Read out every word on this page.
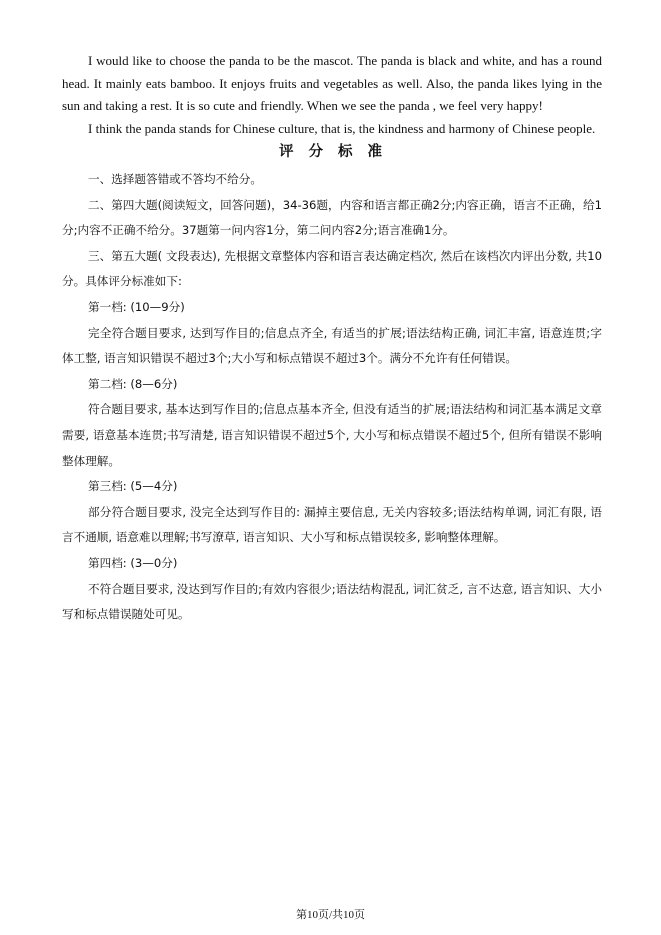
I would like to choose the panda to be the mascot. The panda is black and white, and has a round head. It mainly eats bamboo. It enjoys fruits and vegetables as well. Also, the panda likes lying in the sun and taking a rest. It is so cute and friendly. When we see the panda , we feel very happy!

I think the panda stands for Chinese culture, that is, the kindness and harmony of Chinese people.

评分标准

一、选择题答错或不答均不给分。

二、第四大题(阅读短文，回答问题)，34-36题，内容和语言都正确2分;内容正确，语言不正确，给1分;内容不正确不给分。37题第一问内容1分，第二问内容2分;语言准确1分。

三、第五大题( 文段表达), 先根据文章整体内容和语言表达确定档次, 然后在该档次内评出分数, 共10分。具体评分标准如下:

第一档: (10—9分)

完全符合题目要求, 达到写作目的;信息点齐全, 有适当的扩展;语法结构正确, 词汇丰富, 语意连贯;字体工整, 语言知识错误不超过3个;大小写和标点错误不超过3个。满分不允许有任何错误。

第二档: (8—6分)

符合题目要求, 基本达到写作目的;信息点基本齐全, 但没有适当的扩展;语法结构和词汇基本满足文章需要, 语意基本连贯;书写清楚, 语言知识错误不超过5个, 大小写和标点错误不超过5个, 但所有错误不影响整体理解。

第三档: (5—4分)

部分符合题目要求, 没完全达到写作目的: 漏掉主要信息, 无关内容较多;语法结构单调, 词汇有限, 语言不通顺, 语意难以理解;书写潦草, 语言知识、大小写和标点错误较多, 影响整体理解。

第四档: (3—0分)

不符合题目要求, 没达到写作目的;有效内容很少;语法结构混乱, 词汇贫乏, 言不达意, 语言知识、大小写和标点错误随处可见。

第10页/共10页
